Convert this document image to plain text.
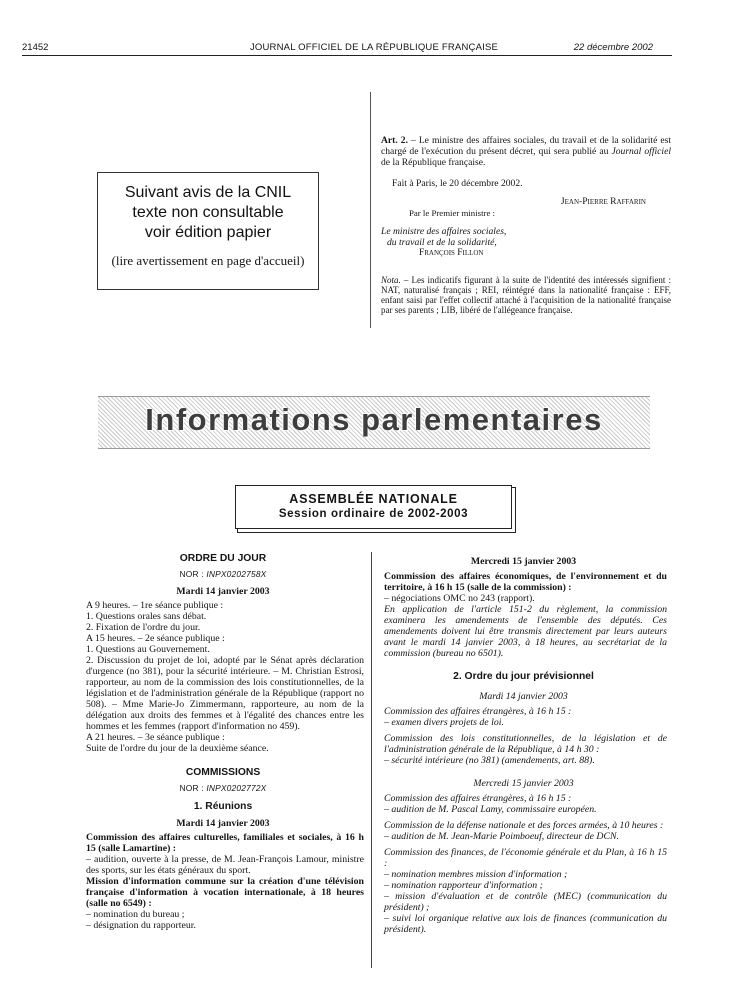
21452	JOURNAL OFFICIEL DE LA RÉPUBLIQUE FRANÇAISE	22 décembre 2002
Suivant avis de la CNIL
texte non consultable
voir édition papier
(lire avertissement en page d'accueil)
Art. 2. – Le ministre des affaires sociales, du travail et de la solidarité est chargé de l'exécution du présent décret, qui sera publié au Journal officiel de la République française.
Fait à Paris, le 20 décembre 2002.
Jean-Pierre Raffarin
Par le Premier ministre :
Le ministre des affaires sociales,
du travail et de la solidarité,
François Fillon
Nota. – Les indicatifs figurant à la suite de l'identité des intéressés signifient : NAT, naturalisé français ; REI, réintégré dans la nationalité française : EFF, enfant saisi par l'effet collectif attaché à l'acquisition de la nationalité française par ses parents ; LIB, libéré de l'allégeance française.
Informations parlementaires
ASSEMBLÉE NATIONALE
Session ordinaire de 2002-2003
ORDRE DU JOUR
NOR : INPX0202758X
Mardi 14 janvier 2003
A 9 heures. – 1re séance publique :
1. Questions orales sans débat.
2. Fixation de l'ordre du jour.
A 15 heures. – 2e séance publique :
1. Questions au Gouvernement.
2. Discussion du projet de loi, adopté par le Sénat après déclaration d'urgence (no 381), pour la sécurité intérieure. – M. Christian Estrosi, rapporteur, au nom de la commission des lois constitutionnelles, de la législation et de l'administration générale de la République (rapport no 508). – Mme Marie-Jo Zimmermann, rapporteure, au nom de la délégation aux droits des femmes et à l'égalité des chances entre les hommes et les femmes (rapport d'information no 459).
A 21 heures. – 3e séance publique :
Suite de l'ordre du jour de la deuxième séance.
COMMISSIONS
NOR : INPX0202772X
1. Réunions
Mardi 14 janvier 2003
Commission des affaires culturelles, familiales et sociales, à 16 h 15 (salle Lamartine) :
– audition, ouverte à la presse, de M. Jean-François Lamour, ministre des sports, sur les états généraux du sport.
Mission d'information commune sur la création d'une télévision française d'information à vocation internationale, à 18 heures (salle no 6549) :
– nomination du bureau ;
– désignation du rapporteur.
Mercredi 15 janvier 2003
Commission des affaires économiques, de l'environnement et du territoire, à 16 h 15 (salle de la commission) :
– négociations OMC no 243 (rapport).
En application de l'article 151-2 du règlement, la commission examinera les amendements de l'ensemble des députés. Ces amendements doivent lui être transmis directement par leurs auteurs avant le mardi 14 janvier 2003, à 18 heures, au secrétariat de la commission (bureau no 6501).
2. Ordre du jour prévisionnel
Mardi 14 janvier 2003
Commission des affaires étrangères, à 16 h 15 :
– examen divers projets de loi.
Commission des lois constitutionnelles, de la législation et de l'administration générale de la République, à 14 h 30 :
– sécurité intérieure (no 381) (amendements, art. 88).
Mercredi 15 janvier 2003
Commission des affaires étrangères, à 16 h 15 :
– audition de M. Pascal Lamy, commissaire européen.
Commission de la défense nationale et des forces armées, à 10 heures :
– audition de M. Jean-Marie Poimboeuf, directeur de DCN.
Commission des finances, de l'économie générale et du Plan, à 16 h 15 :
– nomination membres mission d'information ;
– nomination rapporteur d'information ;
– mission d'évaluation et de contrôle (MEC) (communication du président) ;
– suivi loi organique relative aux lois de finances (communication du président).
